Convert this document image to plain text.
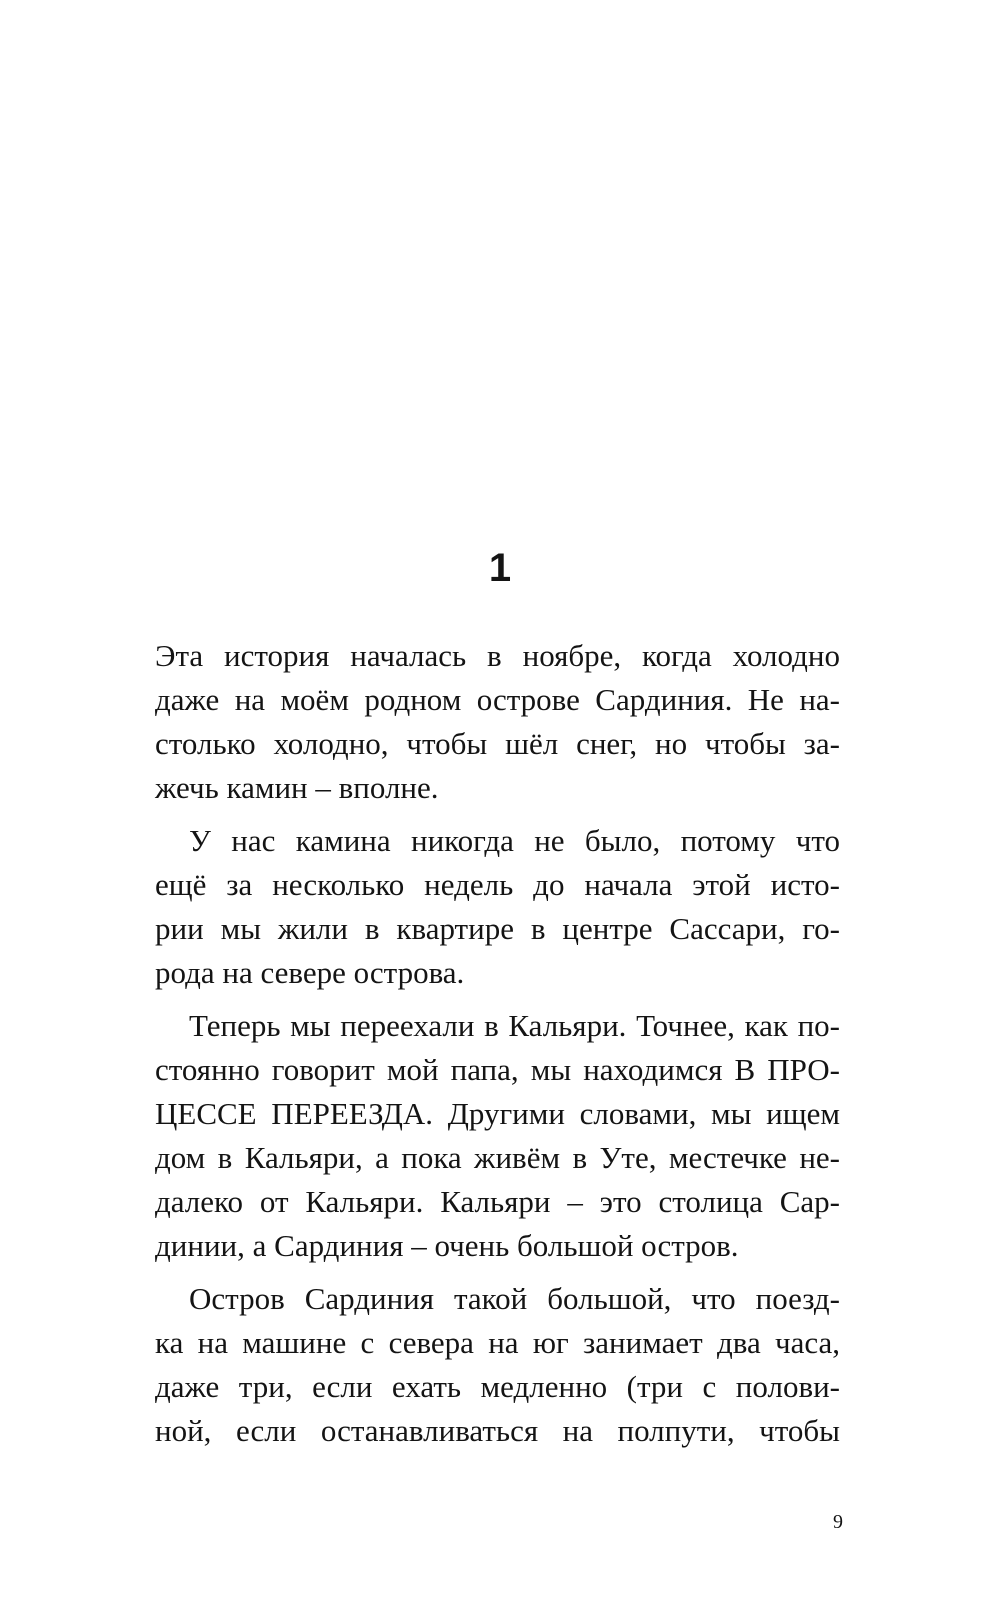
1
Эта история началась в ноябре, когда холодно
даже на моём родном острове Сардиния. Не на-
столько холодно, чтобы шёл снег, но чтобы за-
жечь камин – вполне.
У нас камина никогда не было, потому что
ещё за несколько недель до начала этой исто-
рии мы жили в квартире в центре Сассари, го-
рода на севере острова.
Теперь мы переехали в Кальяри. Точнее, как по-
стоянно говорит мой папа, мы находимся В ПРО-
ЦЕССЕ ПЕРЕЕЗДА. Другими словами, мы ищем
дом в Кальяри, а пока живём в Уте, местечке не-
далеко от Кальяри. Кальяри – это столица Сар-
динии, а Сардиния – очень большой остров.
Остров Сардиния такой большой, что поезд-
ка на машине с севера на юг занимает два часа,
даже три, если ехать медленно (три с полови-
ной, если останавливаться на полпути, чтобы
9
